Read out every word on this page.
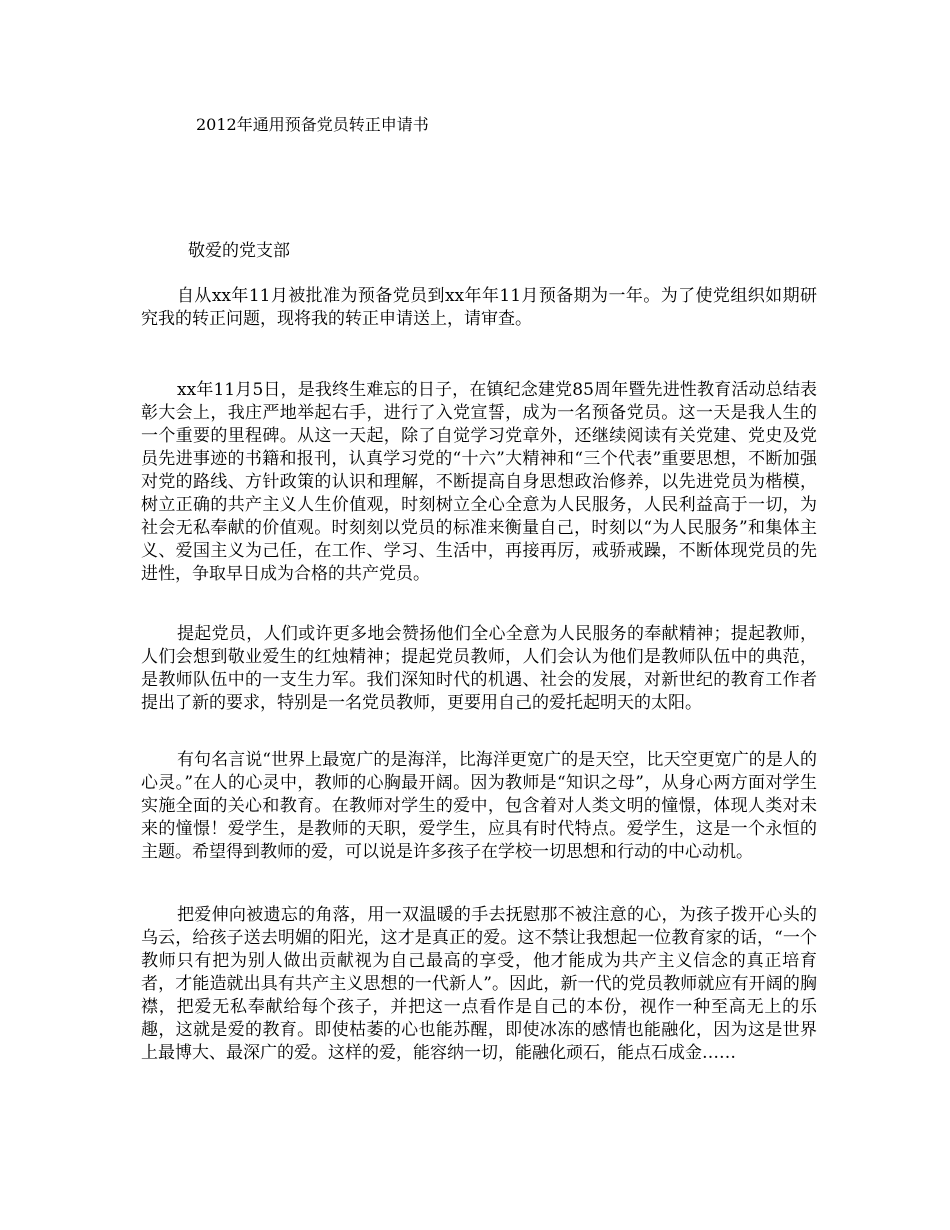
2012年通用预备党员转正申请书
敬爱的党支部

自从xx年11月被批准为预备党员到xx年年11月预备期为一年。为了使党组织如期研究我的转正问题，现将我的转正申请送上，请审查。

xx年11月5日，是我终生难忘的日子，在镇纪念建党85周年暨先进性教育活动总结表彰大会上，我庄严地举起右手，进行了入党宣誓，成为一名预备党员。这一天是我人生的一个重要的里程碑。从这一天起，除了自觉学习党章外，还继续阅读有关党建、党史及党员先进事迹的书籍和报刊，认真学习党的“十六”大精神和“三个代表”重要思想，不断加强对党的路线、方针政策的认识和理解，不断提高自身思想政治修养，以先进党员为楷模，树立正确的共产主义人生价值观，时刻树立全心全意为人民服务，人民利益高于一切，为社会无私奉献的价值观。时刻刻以党员的标准来衡量自己，时刻以“为人民服务”和集体主义、爱国主义为己任，在工作、学习、生活中，再接再厉，戒骄戒躁，不断体现党员的先进性，争取早日成为合格的共产党员。

提起党员，人们或许更多地会赞扬他们全心全意为人民服务的奉献精神；提起教师，人们会想到敬业爱生的红烛精神；提起党员教师，人们会认为他们是教师队伍中的典范，是教师队伍中的一支生力军。我们深知时代的机遇、社会的发展，对新世纪的教育工作者提出了新的要求，特别是一名党员教师，更要用自己的爱托起明天的太阳。

有句名言说“世界上最宽广的是海洋，比海洋更宽广的是天空，比天空更宽广的是人的心灵。”在人的心灵中，教师的心胸最开阔。因为教师是“知识之母”，从身心两方面对学生实施全面的关心和教育。在教师对学生的爱中，包含着对人类文明的憧憬，体现人类对未来的憧憬！爱学生，是教师的天职，爱学生，应具有时代特点。爱学生，这是一个永恒的主题。希望得到教师的爱，可以说是许多孩子在学校一切思想和行动的中心动机。

把爱伸向被遗忘的角落，用一双温暖的手去抚慰那不被注意的心，为孩子拨开心头的乌云，给孩子送去明媚的阳光，这才是真正的爱。这不禁让我想起一位教育家的话，“一个教师只有把为别人做出贡献视为自己最高的享受，他才能成为共产主义信念的真正培育者，才能造就出具有共产主义思想的一代新人”。因此，新一代的党员教师就应有开阔的胸襟，把爱无私奉献给每个孩子，并把这一点看作是自己的本份，视作一种至高无上的乐趣，这就是爱的教育。即使枯萎的心也能苏醒，即使冰冻的感情也能融化，因为这是世界上最博大、最深广的爱。这样的爱，能容纳一切，能融化顽石，能点石成金……
